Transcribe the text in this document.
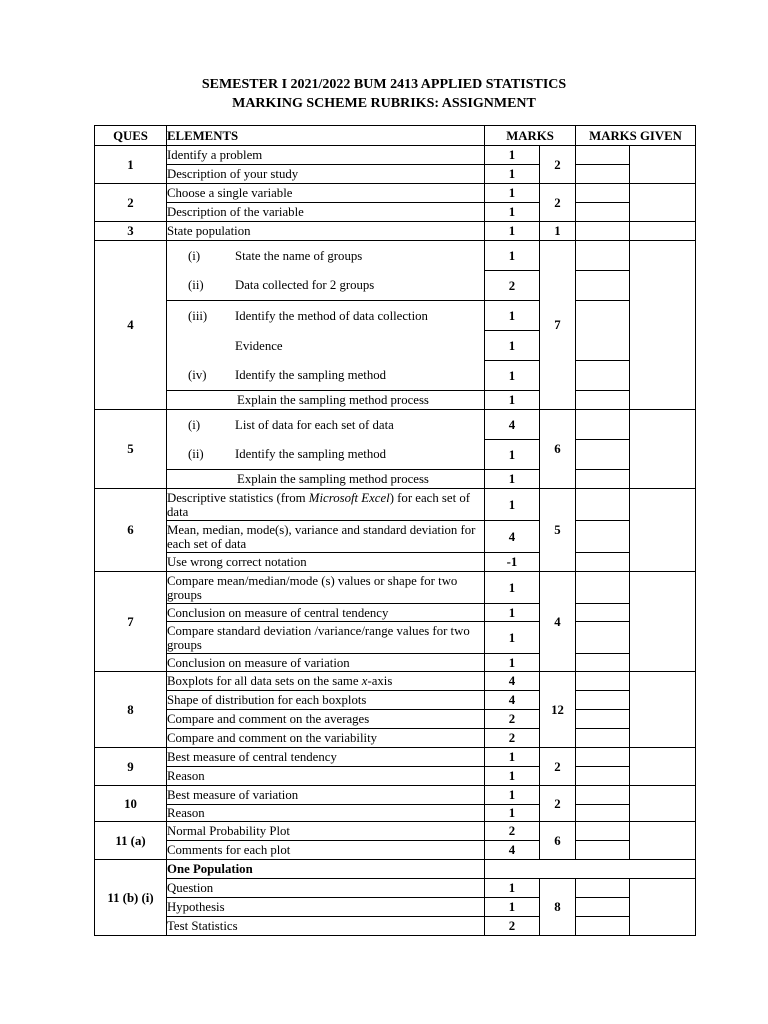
SEMESTER I 2021/2022 BUM 2413 APPLIED STATISTICS
MARKING SCHEME RUBRIKS: ASSIGNMENT
QUES	ELEMENTS	MARKS		MARKS GIVEN	
1	Identify a problem	1	2		
	Description of your study	1			
2	Choose a single variable	1	2		
	Description of the variable	1			
3	State population	1	1		
4	(i) State the name of groups	1	7		

	(ii) Data collected for 2 groups	2			

	(iii) Identify the method of data collection	1			

	Evidence	1			

	(iv) Identify the sampling method	1			

	Explain the sampling method process	1			
5	(i) List of data for each set of data	4	6		

	(ii) Identify the sampling method	1			

	Explain the sampling method process	1			
6	Descriptive statistics (from Microsoft Excel) for each set of data	1	5		
	Mean, median, mode(s), variance and standard deviation for each set of data	4			
	Use wrong correct notation	-1			
7	Compare mean/median/mode (s) values or shape for two groups	1	4		
	Conclusion on measure of central tendency	1			
	Compare standard deviation /variance/range values for two groups	1			
	Conclusion on measure of variation	1			
8	Boxplots for all data sets on the same x-axis	4	12		
	Shape of distribution for each boxplots	4			
	Compare and comment on the averages	2			
	Compare and comment on the variability	2			
9	Best measure of central tendency	1	2		
	Reason	1			
10	Best measure of variation	1	2		
	Reason	1			
11 (a)	Normal Probability Plot	2	6		
	Comments for each plot	4			
11 (b) (i)	One Population				
	Question	1	8		
	Hypothesis	1			
	Test Statistics	2			
